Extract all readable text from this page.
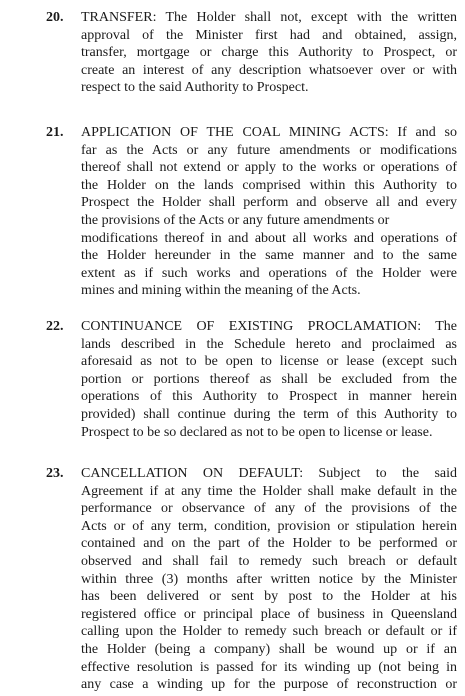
20. TRANSFER: The Holder shall not, except with the written
approval of the Minister first had and obtained, assign,
transfer, mortgage or charge this Authority to Prospect, or
create an interest of any description whatsoever over or with
respect to the said Authority to Prospect.
21. APPLICATION OF THE COAL MINING ACTS: If and so
far as the Acts or any future amendments or modifications
thereof shall not extend or apply to the works or operations of
the Holder on the lands comprised within this Authority to
Prospect the Holder shall perform and observe all and every
the provisions of the Acts or any future amendments or
modifications thereof in and about all works and operations of
the Holder hereunder in the same manner and to the same
extent as if such works and operations of the Holder were
mines and mining within the meaning of the Acts.
22. CONTINUANCE OF EXISTING PROCLAMATION: The
lands described in the Schedule hereto and proclaimed as
aforesaid as not to be open to license or lease (except such
portion or portions thereof as shall be excluded from the
operations of this Authority to Prospect in manner herein
provided) shall continue during the term of this Authority to
Prospect to be so declared as not to be open to license or lease.
23. CANCELLATION ON DEFAULT: Subject to the said
Agreement if at any time the Holder shall make default in the
performance or observance of any of the provisions of the
Acts or of any term, condition, provision or stipulation herein
contained and on the part of the Holder to be performed or
observed and shall fail to remedy such breach or default
within three (3) months after written notice by the Minister
has been delivered or sent by post to the Holder at his
registered office or principal place of business in Queensland
calling upon the Holder to remedy such breach or default or if
the Holder (being a company) shall be wound up or if an
effective resolution is passed for its winding up (not being in
any case a winding up for the purpose of reconstruction or
